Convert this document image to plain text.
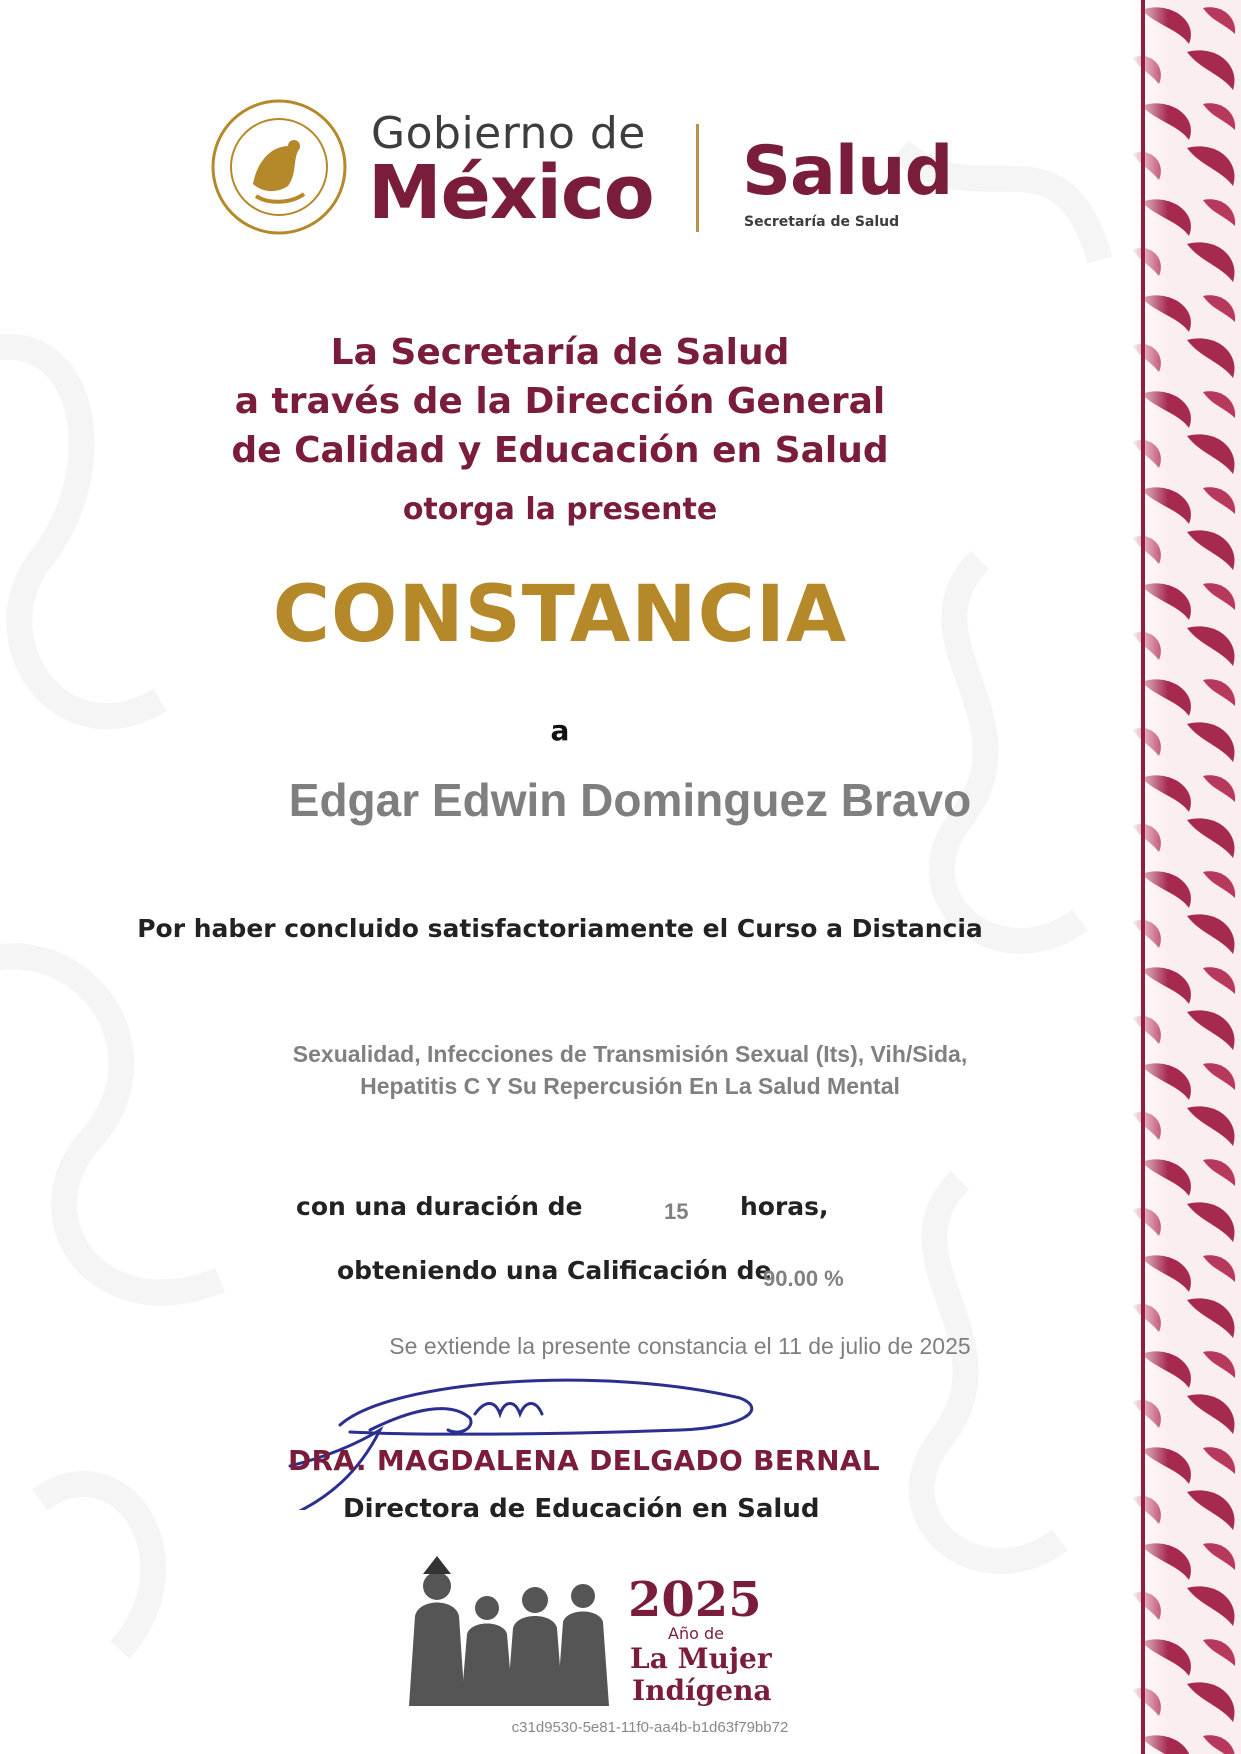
Gobierno de
México Salud
Secretaría de Salud
La Secretaría de Salud
a través de la Dirección General
de Calidad y Educación en Salud
otorga la presente
CONSTANCIA
a
Edgar Edwin Dominguez Bravo
Por haber concluido satisfactoriamente el Curso a Distancia
Sexualidad, Infecciones de Transmisión Sexual (Its), Vih/Sida,
Hepatitis C Y Su Repercusión En La Salud Mental
con una duración de	15 horas,
obteniendo una Calificación de
90.00 %
Se extiende la presente constancia el 11 de julio de 2025
DRA. MAGDALENA DELGADO BERNAL
Directora de Educación en Salud
2025
Año de
La Mujer
Indígena
c31d9530-5e81-11f0-aa4b-b1d63f79bb72
